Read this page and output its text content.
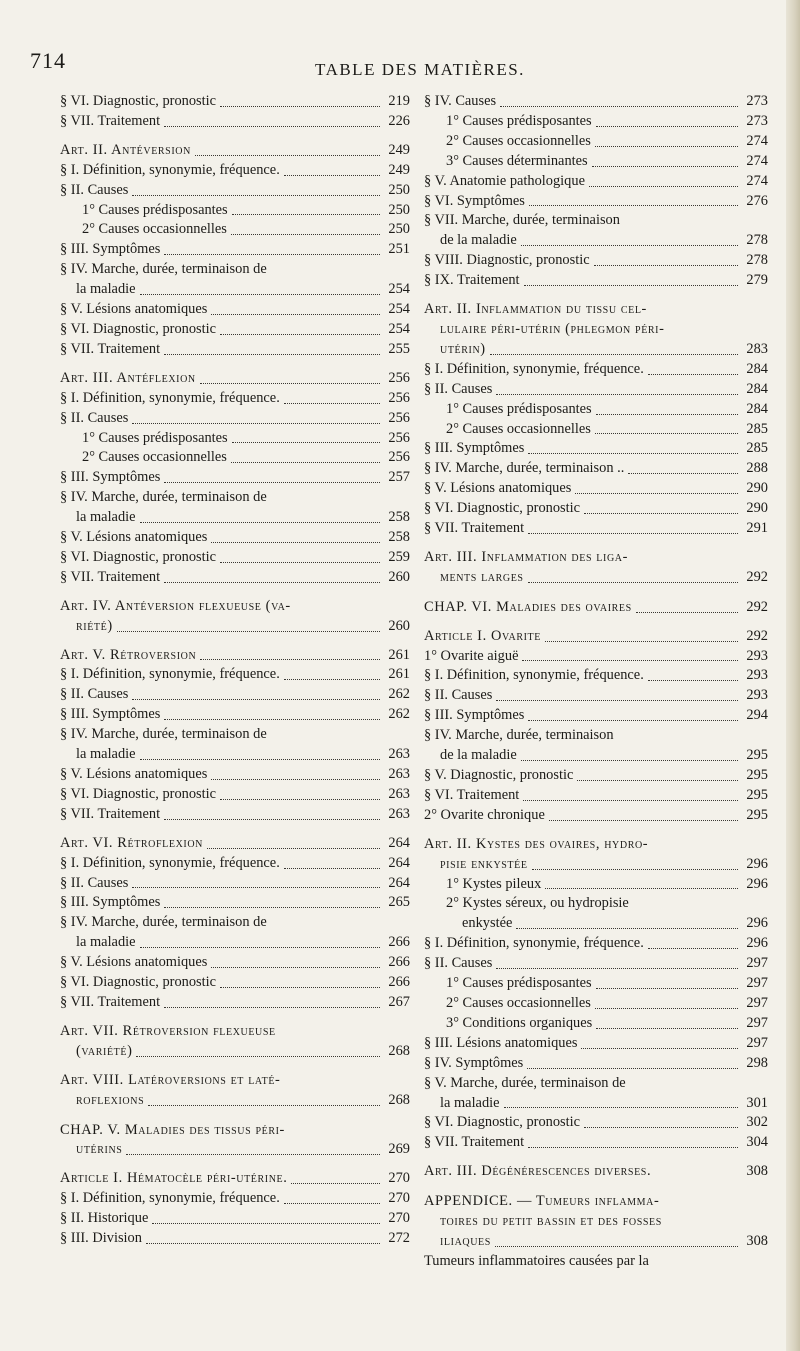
714	TABLE DES MATIÈRES.
§ VI. Diagnostic, pronostic	219
§ VII. Traitement	226
Art. II. Antéversion	249
§ I. Définition, synonymie, fréquence.	249
§ II. Causes	250
1° Causes prédisposantes	250
2° Causes occasionnelles	250
§ III. Symptômes	251
§ IV. Marche, durée, terminaison de
la maladie	254
§ V. Lésions anatomiques	254
§ VI. Diagnostic, pronostic	254
§ VII. Traitement	255
Art. III. Antéflexion	256
§ I. Définition, synonymie, fréquence.	256
§ II. Causes	256
1° Causes prédisposantes	256
2° Causes occasionnelles	256
§ III. Symptômes	257
§ IV. Marche, durée, terminaison de
la maladie	258
§ V. Lésions anatomiques	258
§ VI. Diagnostic, pronostic	259
§ VII. Traitement	260
Art. IV. Antéversion flexueuse (va-
riété)	260
Art. V. Rétroversion	261
§ I. Définition, synonymie, fréquence.	261
§ II. Causes	262
§ III. Symptômes	262
§ IV. Marche, durée, terminaison de
la maladie	263
§ V. Lésions anatomiques	263
§ VI. Diagnostic, pronostic	263
§ VII. Traitement	263
Art. VI. Rétroflexion	264
§ I. Définition, synonymie, fréquence.	264
§ II. Causes	264
§ III. Symptômes	265
§ IV. Marche, durée, terminaison de
la maladie	266
§ V. Lésions anatomiques	266
§ VI. Diagnostic, pronostic	266
§ VII. Traitement	267
Art. VII. Rétroversion flexueuse
(variété)	268
Art. VIII. Latéroversions et laté-
roflexions	268
CHAP. V. Maladies des tissus péri-
utérins	269
Article I. Hématocèle péri-utérine.	270
§ I. Définition, synonymie, fréquence.	270
§ II. Historique	270
§ III. Division	272
§ IV. Causes	273
1° Causes prédisposantes	273
2° Causes occasionnelles	274
3° Causes déterminantes	274
§ V. Anatomie pathologique	274
§ VI. Symptômes	276
§ VII. Marche, durée, terminaison
de la maladie	278
§ VIII. Diagnostic, pronostic	278
§ IX. Traitement	279
Art. II. Inflammation du tissu cel-
lulaire péri-utérin (phlegmon péri-
utérin)	283
§ I. Définition, synonymie, fréquence.	284
§ II. Causes	284
1° Causes prédisposantes	284
2° Causes occasionnelles	285
§ III. Symptômes	285
§ IV. Marche, durée, terminaison ..	288
§ V. Lésions anatomiques	290
§ VI. Diagnostic, pronostic	290
§ VII. Traitement	291
Art. III. Inflammation des liga-
ments larges	292
CHAP. VI. Maladies des ovaires	292
Article I. Ovarite	292
1° Ovarite aiguë	293
§ I. Définition, synonymie, fréquence.	293
§ II. Causes	293
§ III. Symptômes	294
§ IV. Marche, durée, terminaison
de la maladie	295
§ V. Diagnostic, pronostic	295
§ VI. Traitement	295
2° Ovarite chronique	295
Art. II. Kystes des ovaires, hydro-
pisie enkystée	296
1° Kystes pileux	296
2° Kystes séreux, ou hydropisie
enkystée	296
§ I. Définition, synonymie, fréquence.	296
§ II. Causes	297
1° Causes prédisposantes	297
2° Causes occasionnelles	297
3° Conditions organiques	297
§ III. Lésions anatomiques	297
§ IV. Symptômes	298
§ V. Marche, durée, terminaison de
la maladie	301
§ VI. Diagnostic, pronostic	302
§ VII. Traitement	304
Art. III. Dégénérescences diverses.	308
APPENDICE. — Tumeurs inflamma-
toires du petit bassin et des fosses
iliaques	308
Tumeurs inflammatoires causées par la
